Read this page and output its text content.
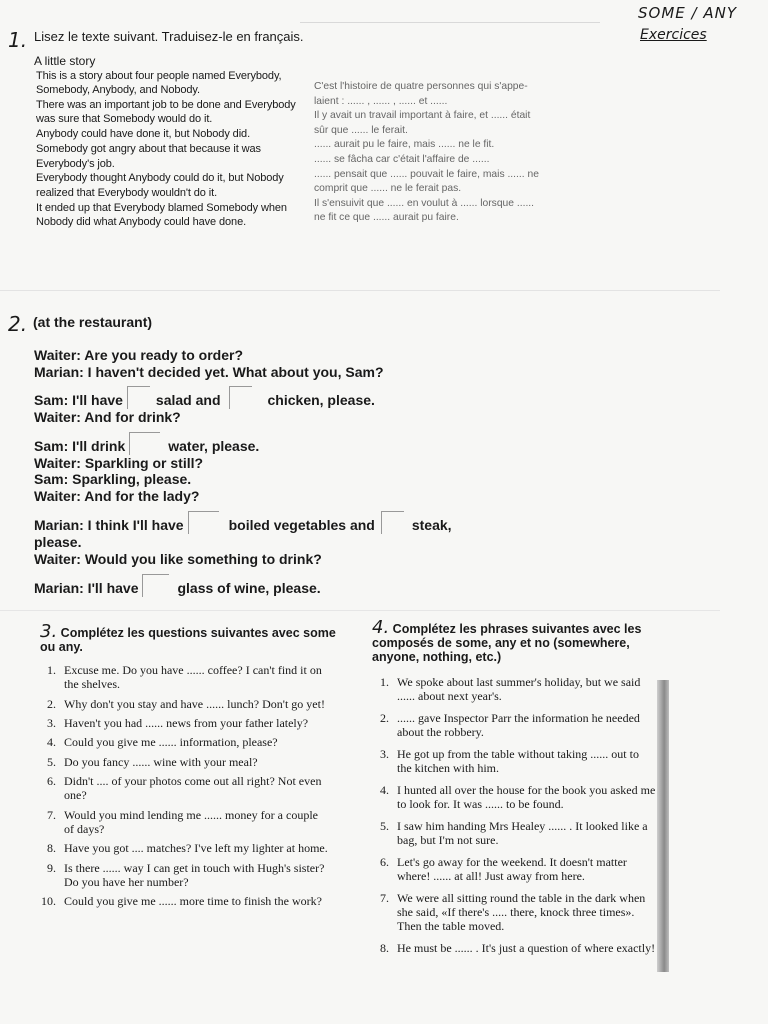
SOME / ANY
Exercices
1. Lisez le texte suivant. Traduisez-le en français.
A little story

This is a story about four people named Everybody, Somebody, Anybody, and Nobody.

There was an important job to be done and Everybody was sure that Somebody would do it.

Anybody could have done it, but Nobody did.

Somebody got angry about that because it was Everybody's job.

Everybody thought Anybody could do it, but Nobody realized that Everybody wouldn't do it.

It ended up that Everybody blamed Somebody when Nobody did what Anybody could have done.

C'est l'histoire de quatre personnes qui s'appe-
laient : ...... , ...... , ...... et ......
Il y avait un travail important à faire, et ...... était
sûr que ...... le ferait.
...... aurait pu le faire, mais ...... ne le fit.
...... se fâcha car c'était l'affaire de ......
...... pensait que ...... pouvait le faire, mais ...... ne
comprit que ...... ne le ferait pas.
Il s'ensuivit que ...... en voulut à ...... lorsque ......
ne fit ce que ...... aurait pu faire.
2. (at the restaurant)
Waiter: Are you ready to order?
Marian: I haven't decided yet. What about you, Sam?
Sam: I'll have salad and	chicken, please.
Waiter: And for drink?
Sam: I'll drink	water, please.
Waiter: Sparkling or still?
Sam: Sparkling, please.
Waiter: And for the lady?
Marian: I think I'll have	boiled vegetables and	steak,
please.
Waiter: Would you like something to drink?
Marian: I'll have	glass of wine, please.
3. Complétez les questions suivantes avec some ou any.
1. Excuse me. Do you have ...... coffee? I can't find it on the shelves.
2. Why don't you stay and have ...... lunch? Don't go yet!
3. Haven't you had ...... news from your father lately?
4. Could you give me ...... information, please?
5. Do you fancy ...... wine with your meal?
6. Didn't .... of your photos come out all right? Not even one?
7. Would you mind lending me ...... money for a couple of days?
8. Have you got .... matches? I've left my lighter at home.
9. Is there ...... way I can get in touch with Hugh's sister? Do you have her number?
10. Could you give me ...... more time to finish the work?
4. Complétez les phrases suivantes avec les composés de some, any et no (somewhere, anyone, nothing, etc.)
1. We spoke about last summer's holiday, but we said ...... about next year's.
2. ...... gave Inspector Parr the information he needed about the robbery.
3. He got up from the table without taking ...... out to the kitchen with him.
4. I hunted all over the house for the book you asked me to look for. It was ...... to be found.
5. I saw him handing Mrs Healey ...... . It looked like a bag, but I'm not sure.
6. Let's go away for the weekend. It doesn't matter where! ...... at all! Just away from here.
7. We were all sitting round the table in the dark when she said, «If there's ..... there, knock three times». Then the table moved.
8. He must be ...... . It's just a question of where exactly!
